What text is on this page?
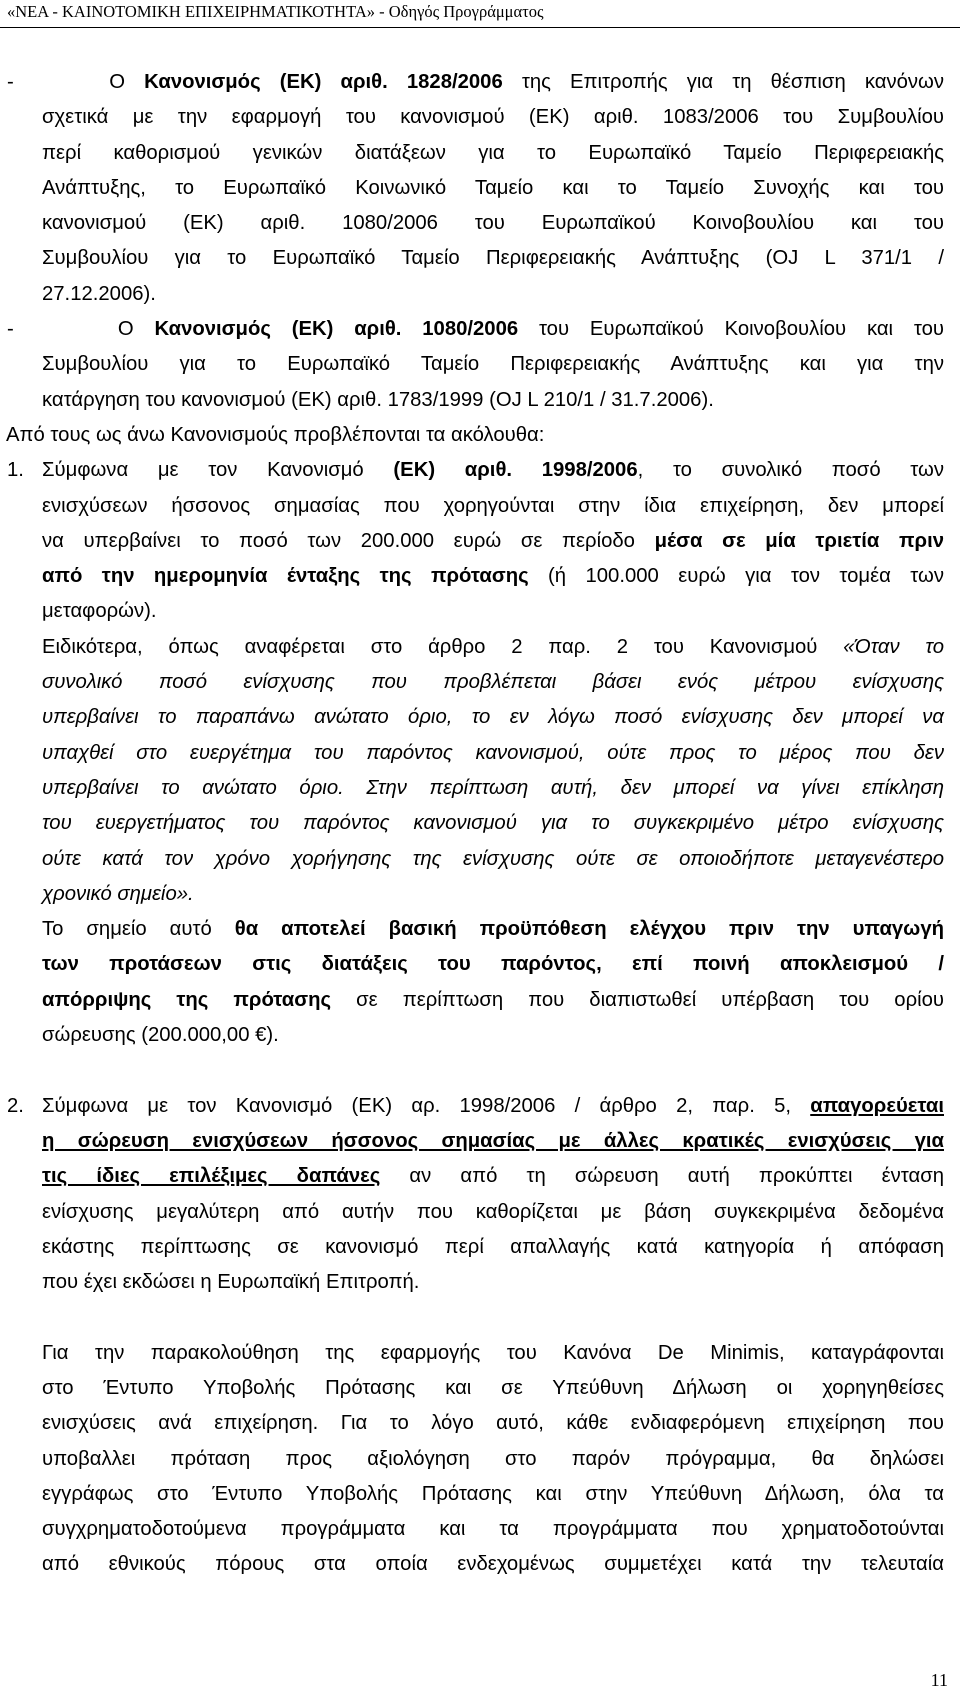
«ΝΕΑ - ΚΑΙΝΟΤΟΜΙΚΗ ΕΠΙΧΕΙΡΗΜΑΤΙΚΟΤΗΤΑ» - Οδηγός Προγράμματος
-	Ο Κανονισμός (ΕΚ) αριθ. 1828/2006 της Επιτροπής για τη θέσπιση κανόνων
σχετικά με την εφαρμογή του κανονισμού (ΕΚ) αριθ. 1083/2006 του Συμβουλίου
περί καθορισμού γενικών διατάξεων για το Ευρωπαϊκό Ταμείο Περιφερειακής
Ανάπτυξης, το Ευρωπαϊκό Κοινωνικό Ταμείο και το Ταμείο Συνοχής και του
κανονισμού (ΕΚ) αριθ. 1080/2006 του Ευρωπαϊκού Κοινοβουλίου και του
Συμβουλίου για το Ευρωπαϊκό Ταμείο Περιφερειακής Ανάπτυξης (OJ L 371/1 /
27.12.2006).
-	Ο Κανονισμός (ΕΚ) αριθ. 1080/2006 του Ευρωπαϊκού Κοινοβουλίου και του
Συμβουλίου για το Ευρωπαϊκό Ταμείο Περιφερειακής Ανάπτυξης και για την
κατάργηση του κανονισμού (ΕΚ) αριθ. 1783/1999 (OJ L 210/1 / 31.7.2006).
Από τους ως άνω Κανονισμούς προβλέπονται τα ακόλουθα:
1. Σύμφωνα με τον Κανονισμό (ΕΚ) αριθ. 1998/2006, το συνολικό ποσό των
ενισχύσεων ήσσονος σημασίας που χορηγούνται στην ίδια επιχείρηση, δεν μπορεί
να υπερβαίνει το ποσό των 200.000 ευρώ σε περίοδο μέσα σε μία τριετία πριν
από την ημερομηνία ένταξης της πρότασης (ή 100.000 ευρώ για τον τομέα των
μεταφορών).
Ειδικότερα, όπως αναφέρεται στο άρθρο 2 παρ. 2 του Κανονισμού «Όταν το
συνολικό ποσό ενίσχυσης που προβλέπεται βάσει ενός μέτρου ενίσχυσης
υπερβαίνει το παραπάνω ανώτατο όριο, το εν λόγω ποσό ενίσχυσης δεν μπορεί να
υπαχθεί στο ευεργέτημα του παρόντος κανονισμού, ούτε προς το μέρος που δεν
υπερβαίνει το ανώτατο όριο. Στην περίπτωση αυτή, δεν μπορεί να γίνει επίκληση
του ευεργετήματος του παρόντος κανονισμού για το συγκεκριμένο μέτρο ενίσχυσης
ούτε κατά τον χρόνο χορήγησης της ενίσχυσης ούτε σε οποιοδήποτε μεταγενέστερο
χρονικό σημείο».
Το σημείο αυτό θα αποτελεί βασική προϋπόθεση ελέγχου πριν την υπαγωγή
των προτάσεων στις διατάξεις του παρόντος, επί ποινή αποκλεισμού /
απόρριψης της πρότασης σε περίπτωση που διαπιστωθεί υπέρβαση του ορίου
σώρευσης (200.000,00 €).
2. Σύμφωνα με τον Κανονισμό (ΕΚ) αρ. 1998/2006 / άρθρο 2, παρ. 5, απαγορεύεται
η σώρευση ενισχύσεων ήσσονος σημασίας με άλλες κρατικές ενισχύσεις για
τις ίδιες επιλέξιμες δαπάνες αν από τη σώρευση αυτή προκύπτει ένταση
ενίσχυσης μεγαλύτερη από αυτήν που καθορίζεται με βάση συγκεκριμένα δεδομένα
εκάστης περίπτωσης σε κανονισμό περί απαλλαγής κατά κατηγορία ή απόφαση
που έχει εκδώσει η Ευρωπαϊκή Επιτροπή.
Για την παρακολούθηση της εφαρμογής του Κανόνα De Minimis, καταγράφονται
στο Έντυπο Υποβολής Πρότασης και σε Υπεύθυνη Δήλωση οι χορηγηθείσες
ενισχύσεις ανά επιχείρηση. Για το λόγο αυτό, κάθε ενδιαφερόμενη επιχείρηση που
υποβαλλει πρόταση προς αξιολόγηση στο παρόν πρόγραμμα, θα δηλώσει
εγγράφως στο Έντυπο Υποβολής Πρότασης και στην Υπεύθυνη Δήλωση, όλα τα
συγχρηματοδοτούμενα προγράμματα και τα προγράμματα που χρηματοδοτούνται
από εθνικούς πόρους στα οποία ενδεχομένως συμμετέχει κατά την τελευταία
11
